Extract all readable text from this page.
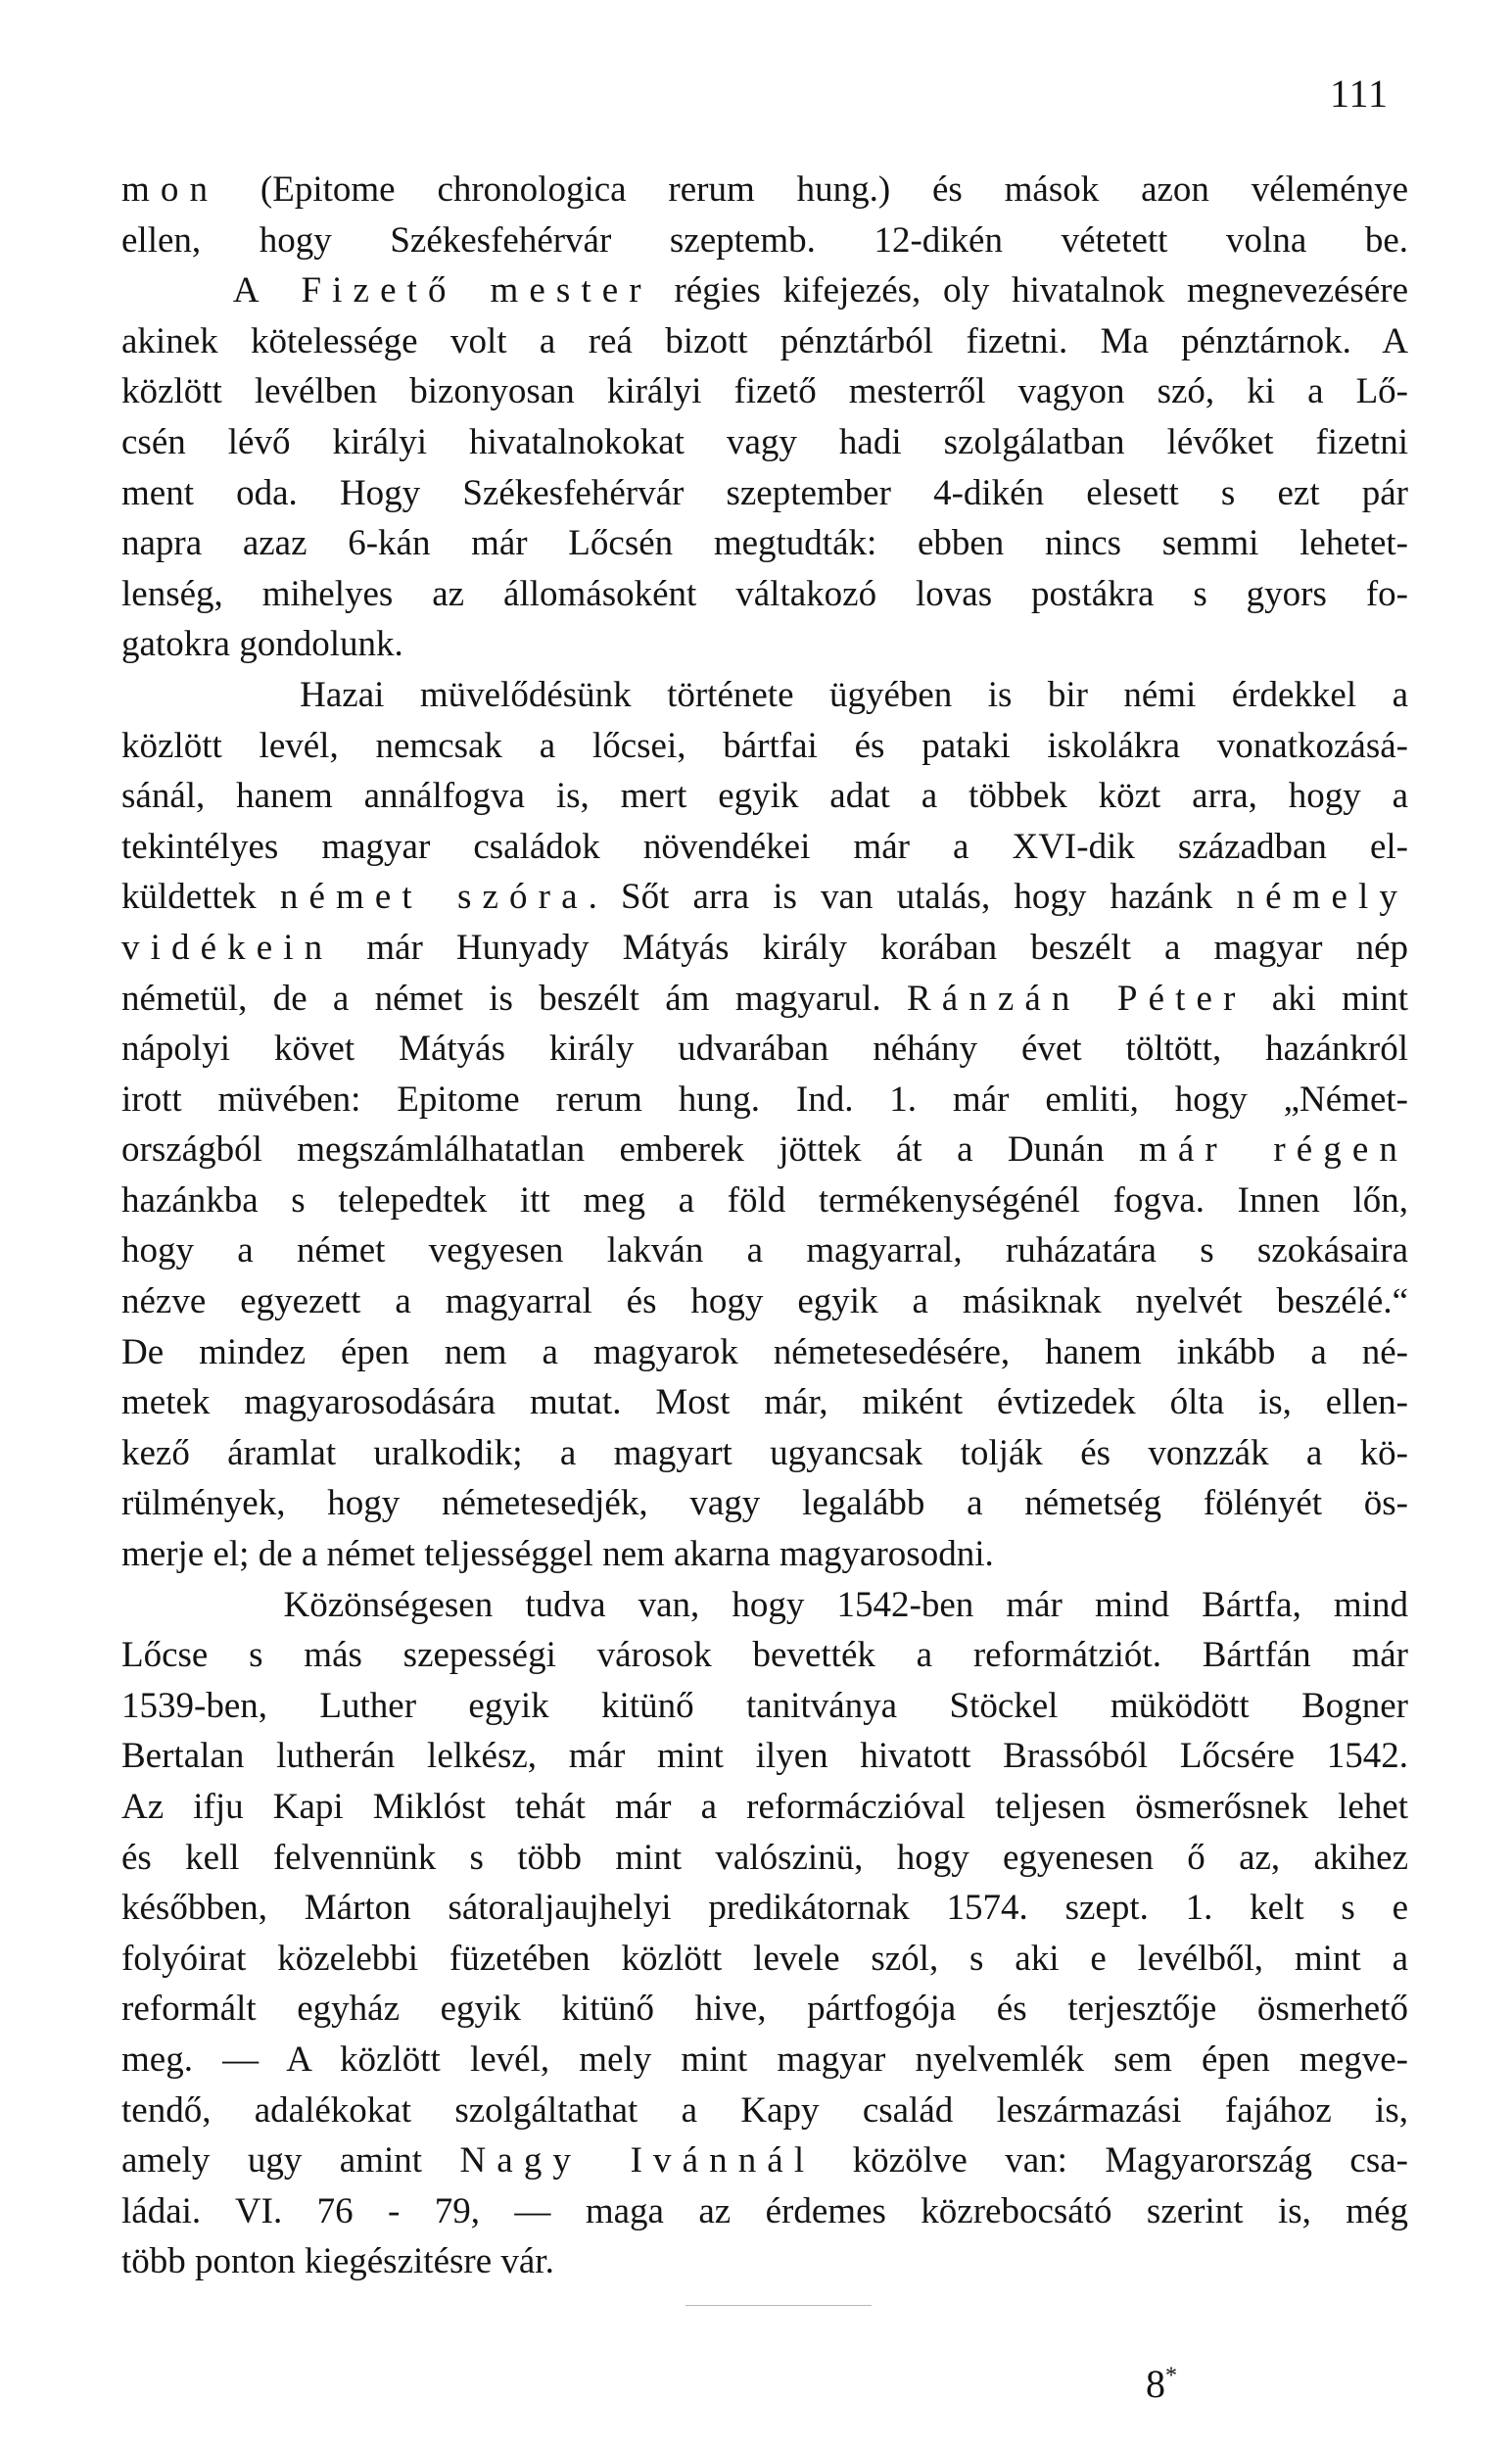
111
mon (Epitome chronologica rerum hung.) és mások azon véleménye
ellen, hogy Székesfehérvár szeptemb. 12-dikén vétetett volna be.
A Fizető mester régies kifejezés, oly hivatalnok megnevezésére
akinek kötelessége volt a reá bizott pénztárból fizetni. Ma pénztárnok. A
közlött levélben bizonyosan királyi fizető mesterről vagyon szó, ki a Lő-
csén lévő királyi hivatalnokokat vagy hadi szolgálatban lévőket fizetni
ment oda. Hogy Székesfehérvár szeptember 4-dikén elesett s ezt pár
napra azaz 6-kán már Lőcsén megtudták: ebben nincs semmi lehetet-
lenség, mihelyes az állomásoként váltakozó lovas postákra s gyors fo-
gatokra gondolunk.
Hazai müvelődésünk története ügyében is bir némi érdekkel a
közlött levél, nemcsak a lőcsei, bártfai és pataki iskolákra vonatkozásá-
sánál, hanem annálfogva is, mert egyik adat a többek közt arra, hogy a
tekintélyes magyar családok növendékei már a XVI-dik században el-
küldettek német szóra. Sőt arra is van utalás, hogy hazánk némely
vidékein már Hunyady Mátyás király korában beszélt a magyar nép
németül, de a német is beszélt ám magyarul. Ránzán Péter aki mint
nápolyi követ Mátyás király udvarában néhány évet töltött, hazánkról
irott müvében: Epitome rerum hung. Ind. 1. már emliti, hogy „Német-
országból megszámlálhatatlan emberek jöttek át a Dunán már régen
hazánkba s telepedtek itt meg a föld termékenységénél fogva. Innen lőn,
hogy a német vegyesen lakván a magyarral, ruházatára s szokásaira
nézve egyezett a magyarral és hogy egyik a másiknak nyelvét beszélé.“
De mindez épen nem a magyarok németesedésére, hanem inkább a né-
metek magyarosodására mutat. Most már, miként évtizedek ólta is, ellen-
kező áramlat uralkodik; a magyart ugyancsak tolják és vonzzák a kö-
rülmények, hogy németesedjék, vagy legalább a németség fölényét ös-
merje el; de a német teljességgel nem akarna magyarosodni.
Közönségesen tudva van, hogy 1542-ben már mind Bártfa, mind
Lőcse s más szepességi városok bevették a reformátziót. Bártfán már
1539-ben, Luther egyik kitünő tanitványa Stöckel müködött Bogner
Bertalan lutherán lelkész, már mint ilyen hivatott Brassóból Lőcsére 1542.
Az ifju Kapi Miklóst tehát már a reformáczióval teljesen ösmerősnek lehet
és kell felvennünk s több mint valószinü, hogy egyenesen ő az, akihez
későbben, Márton sátoraljaujhelyi predikátornak 1574. szept. 1. kelt s e
folyóirat közelebbi füzetében közlött levele szól, s aki e levélből, mint a
reformált egyház egyik kitünő hive, pártfogója és terjesztője ösmerhető
meg. — A közlött levél, mely mint magyar nyelvemlék sem épen megve-
tendő, adalékokat szolgáltathat a Kapy család leszármazási fajához is,
amely ugy amint Nagy Ivánnál közölve van: Magyarország csa-
ládai. VI. 76 - 79, — maga az érdemes közrebocsátó szerint is, még
több ponton kiegészitésre vár.
8*
